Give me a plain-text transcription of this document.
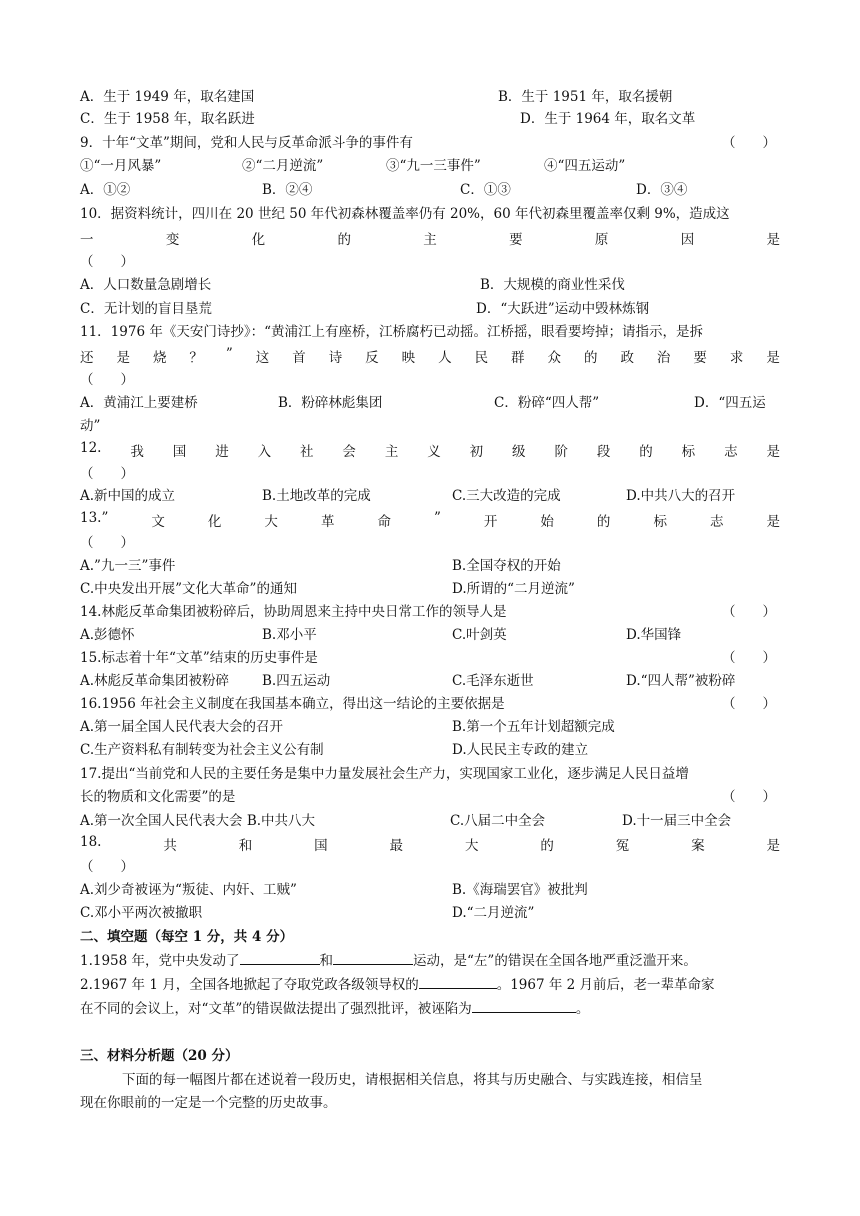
A．生于 1949 年，取名建国	B．生于 1951 年，取名援朝
C．生于 1958 年，取名跃进	D．生于 1964 年，取名文革
9．十年“文革”期间，党和人民与反革命派斗争的事件有	（　　）
①“一月风暴”	②“二月逆流”	③“九一三事件”	④“四五运动”
A．①②	B．②④	C．①③	D．③④
10．据资料统计，四川在 20 世纪 50 年代初森林覆盖率仍有 20%，60 年代初森里覆盖率仅剩 9%，造成这
一	变	化	的	主	要	原	因	是
（　　）
A．人口数量急剧增长	B．大规模的商业性采伐
C．无计划的盲目垦荒	D．“大跃进”运动中毁林炼钢
11．1976 年《天安门诗抄》：“黄浦江上有座桥，江桥腐朽已动摇。江桥摇，眼看要垮掉；请指示，是拆
还 是 烧 ？ ” 这 首 诗 反 映 人 民 群 众 的 政 治 要 求 是
（　　）
A．黄浦江上要建桥	B．粉碎林彪集团	C．粉碎“四人帮”	D．“四五运
动”
12. 我 国 进 入 社 会 主 义 初 级 阶 段 的 标 志 是
（　　）
A.新中国的成立	B.土地改革的完成	C.三大改造的完成	D.中共八大的召开
13.”	文	化	大	革	命	”	开	始	的	标	志	是
（　　）
A.”九一三”事件	B.全国夺权的开始
C.中央发出开展”文化大革命”的通知	D.所谓的“二月逆流”
14.林彪反革命集团被粉碎后，协助周恩来主持中央日常工作的领导人是	（　　）
A.彭德怀	B.邓小平	C.叶剑英	D.华国锋
15.标志着十年“文革”结束的历史事件是	（　　）
A.林彪反革命集团被粉碎 B.四五运动	C.毛泽东逝世	D.“四人帮”被粉碎
16.1956 年社会主义制度在我国基本确立，得出这一结论的主要依据是	（　　）
A.第一届全国人民代表大会的召开	B.第一个五年计划超额完成
C.生产资料私有制转变为社会主义公有制	D.人民民主专政的建立
17.提出“当前党和人民的主要任务是集中力量发展社会生产力，实现国家工业化，逐步满足人民日益增
长的物质和文化需要”的是	（　　）
A.第一次全国人民代表大会 B.中共八大	C.八届二中全会	D.十一届三中全会
18.	共	和	国	最	大	的	冤	案	是
（　　）
A.刘少奇被诬为“叛徒、内奸、工贼”	B.《海瑞罢官》被批判
C.邓小平两次被撤职	D.“二月逆流”
二、填空题（每空 1 分，共 4 分）
1.1958 年，党中央发动了	和	运动，是“左”的错误在全国各地严重泛滥开来。
2.1967 年 1 月，全国各地掀起了夺取党政各级领导权的	。1967 年 2 月前后，老一辈革命家
在不同的会议上，对“文革”的错误做法提出了强烈批评，被诬陷为	。
三、材料分析题（20 分）
下面的每一幅图片都在述说着一段历史，请根据相关信息，将其与历史融合、与实践连接，相信呈
现在你眼前的一定是一个完整的历史故事。
